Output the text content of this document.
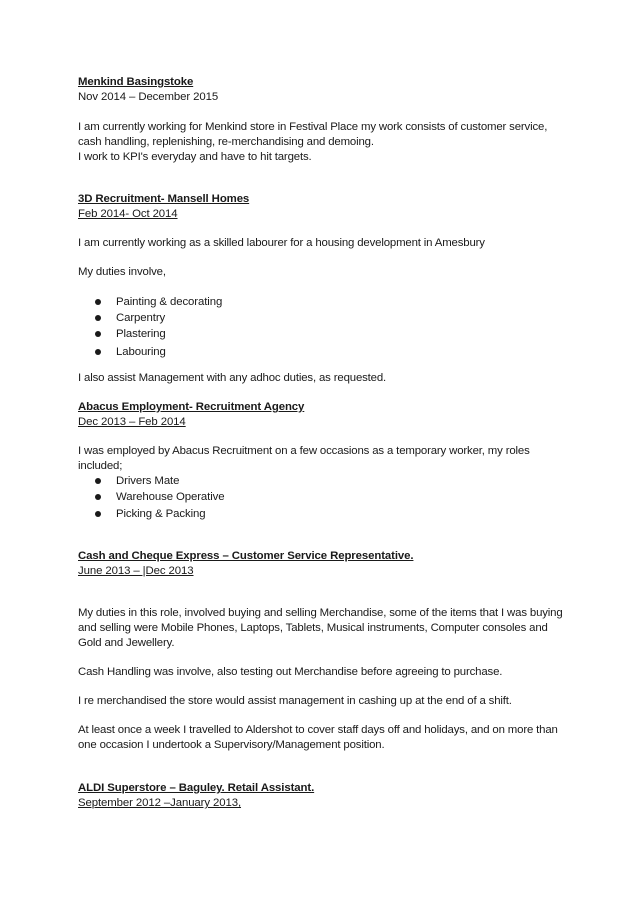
Menkind Basingstoke
Nov 2014 – December 2015
I am currently working for Menkind store in Festival Place my work consists of customer service, cash handling, replenishing, re-merchandising and demoing.
I work to KPI's everyday and have to hit targets.
3D Recruitment- Mansell Homes
Feb 2014- Oct 2014
I am currently working as a skilled labourer for a housing development in Amesbury
My duties involve,
Painting & decorating
Carpentry
Plastering
Labouring
I also assist Management with any adhoc duties, as requested.
Abacus Employment- Recruitment Agency
Dec 2013 – Feb 2014
I was employed by Abacus Recruitment on a few occasions as a temporary worker, my roles included;
Drivers Mate
Warehouse Operative
Picking & Packing
Cash and Cheque Express – Customer Service Representative.
June 2013 – |Dec 2013
My duties in this role, involved buying and selling Merchandise, some of the items that I was buying and selling were Mobile Phones, Laptops, Tablets, Musical instruments, Computer consoles and Gold and Jewellery.
Cash Handling was involve, also testing out Merchandise before agreeing to purchase.
I re merchandised the store would assist management in cashing up at the end of a shift.
At least once a week I travelled to Aldershot to cover staff days off and holidays, and on more than one occasion I undertook a Supervisory/Management position.
ALDI Superstore – Baguley. Retail Assistant.
September 2012 –January 2013,
